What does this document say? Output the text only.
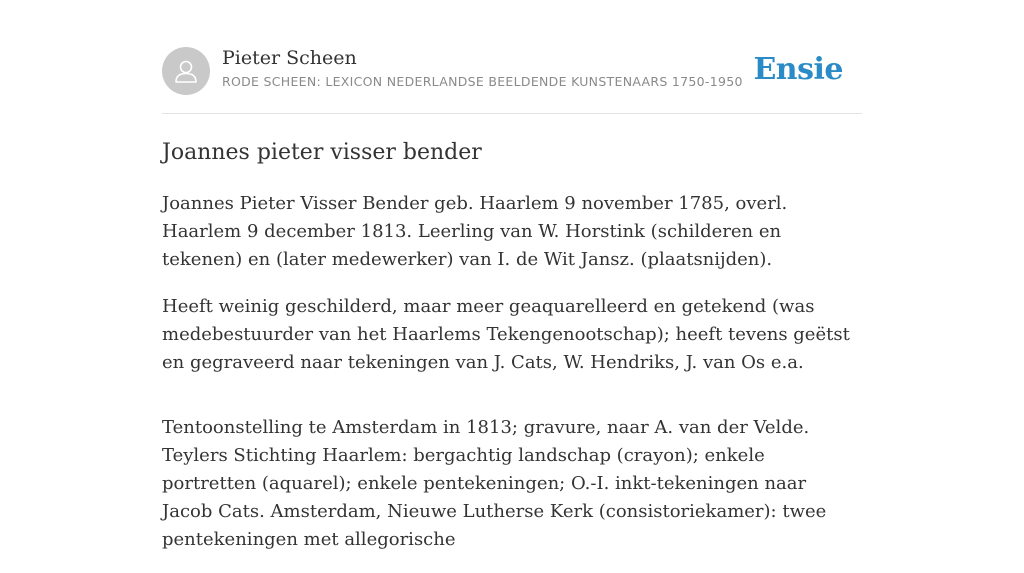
Pieter Scheen
RODE SCHEEN: LEXICON NEDERLANDSE BEELDENDE KUNSTENAARS 1750-1950 Ensie
Joannes pieter visser bender

Joannes Pieter Visser Bender geb. Haarlem 9 november 1785, overl. Haarlem 9 december 1813. Leerling van W. Horstink (schilderen en tekenen) en (later medewerker) van I. de Wit Jansz. (plaatsnijden).

Heeft weinig geschilderd, maar meer geaquarelleerd en getekend (was medebestuurder van het Haarlems Tekengenootschap); heeft tevens geëtst en gegraveerd naar tekeningen van J. Cats, W. Hendriks, J. van Os e.a.

Tentoonstelling te Amsterdam in 1813; gravure, naar A. van der Velde. Teylers Stichting Haarlem: bergachtig landschap (crayon); enkele portretten (aquarel); enkele pentekeningen; O.-I. inkt-tekeningen naar Jacob Cats. Amsterdam, Nieuwe Lutherse Kerk (consistoriekamer): twee pentekeningen met allegorische
